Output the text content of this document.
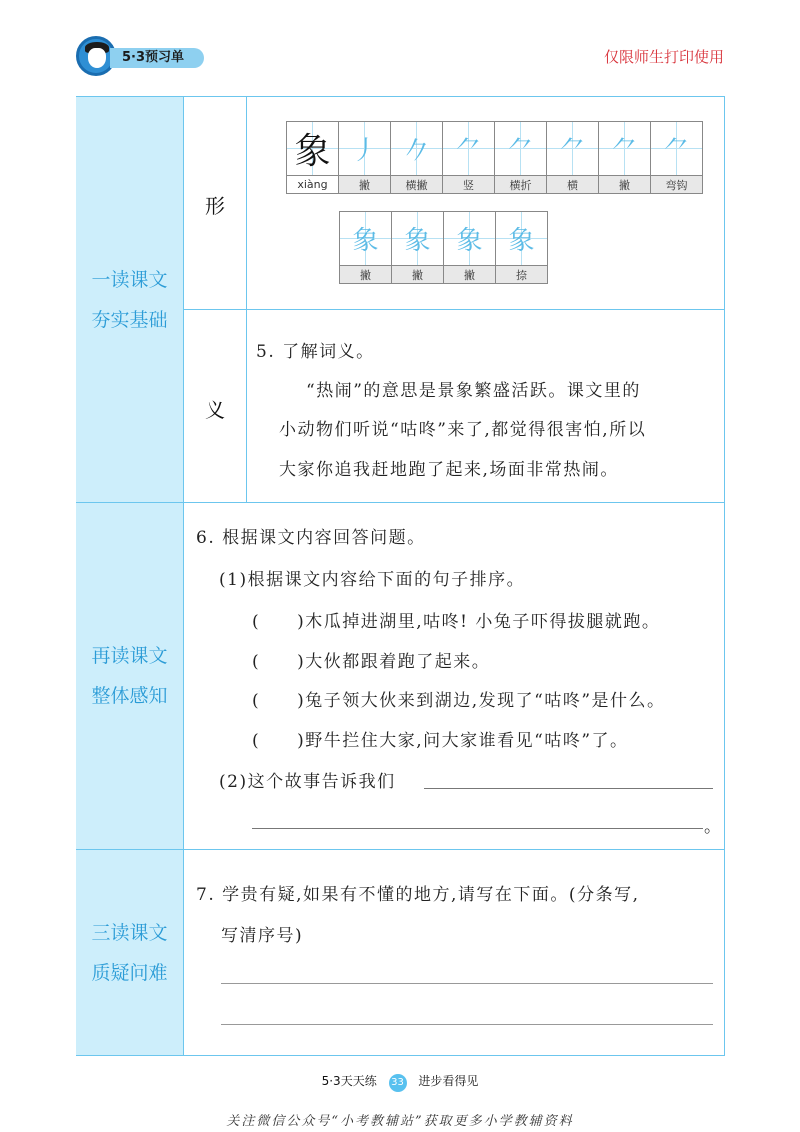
5·3预习单	仅限师生打印使用
一读课文
夯实基础
再读课文
整体感知
三读课文
质疑问难
形
义
象	丿	𠂊	⺈	⺈	⺈	⺈	⺈
xiàng	撇	横撇	竖	横折	横	撇	弯钩
象	象	象	象
撇	撇	撇	捺
5. 了解词义。
“热闹”的意思是景象繁盛活跃。课文里的
小动物们听说“咕咚”来了,都觉得很害怕,所以
大家你追我赶地跑了起来,场面非常热闹。
6. 根据课文内容回答问题。
(1)根据课文内容给下面的句子排序。
(　　)木瓜掉进湖里,咕咚! 小兔子吓得拔腿就跑。
(　　)大伙都跟着跑了起来。
(　　)兔子领大伙来到湖边,发现了“咕咚”是什么。
(　　)野牛拦住大家,问大家谁看见“咕咚”了。
(2)这个故事告诉我们
。
7. 学贵有疑,如果有不懂的地方,请写在下面。(分条写,
写清序号)
5·3天天练 33 进步看得见
关注微信公众号“小考教辅站”获取更多小学教辅资料
